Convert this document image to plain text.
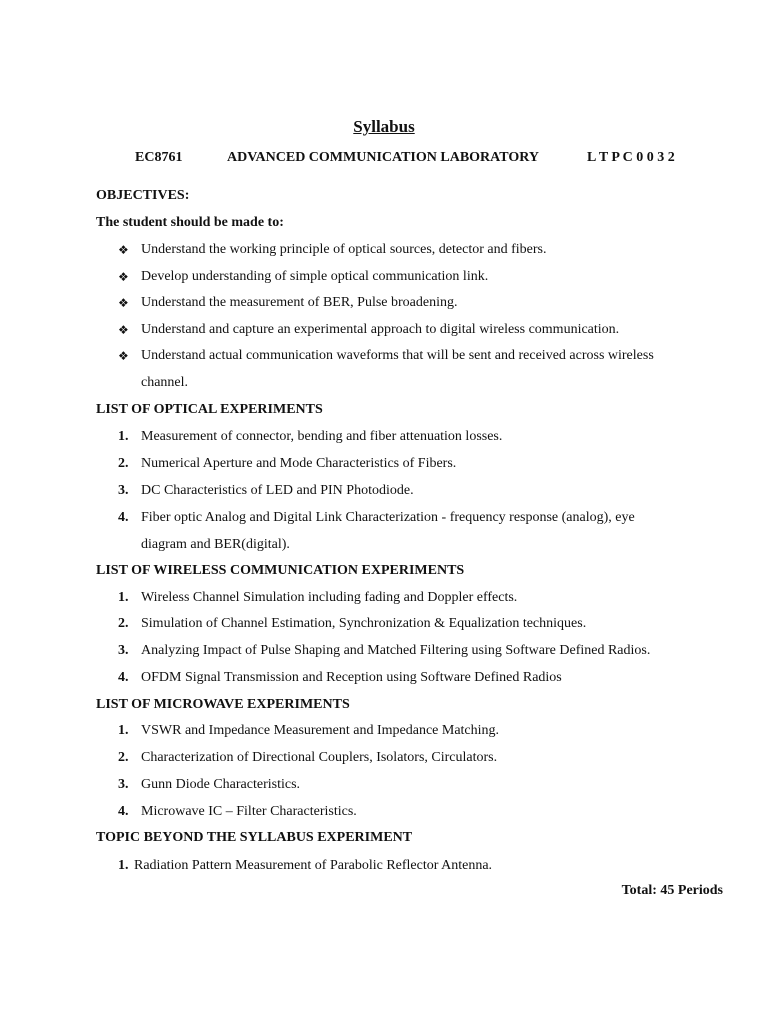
Syllabus
EC8761	ADVANCED COMMUNICATION LABORATORY	L T P C 0 0 3 2
OBJECTIVES:
The student should be made to:
❖ Understand the working principle of optical sources, detector and fibers.
❖ Develop understanding of simple optical communication link.
❖ Understand the measurement of BER, Pulse broadening.
❖ Understand and capture an experimental approach to digital wireless communication.
❖ Understand actual communication waveforms that will be sent and received across wireless
channel.
LIST OF OPTICAL EXPERIMENTS
1. Measurement of connector, bending and fiber attenuation losses.
2. Numerical Aperture and Mode Characteristics of Fibers.
3. DC Characteristics of LED and PIN Photodiode.
4. Fiber optic Analog and Digital Link Characterization - frequency response (analog), eye
diagram and BER(digital).
LIST OF WIRELESS COMMUNICATION EXPERIMENTS
1. Wireless Channel Simulation including fading and Doppler effects.
2. Simulation of Channel Estimation, Synchronization & Equalization techniques.
3. Analyzing Impact of Pulse Shaping and Matched Filtering using Software Defined Radios.
4. OFDM Signal Transmission and Reception using Software Defined Radios
LIST OF MICROWAVE EXPERIMENTS
1. VSWR and Impedance Measurement and Impedance Matching.
2. Characterization of Directional Couplers, Isolators, Circulators.
3. Gunn Diode Characteristics.
4. Microwave IC – Filter Characteristics.
TOPIC BEYOND THE SYLLABUS EXPERIMENT
1. Radiation Pattern Measurement of Parabolic Reflector Antenna.
Total: 45 Periods
